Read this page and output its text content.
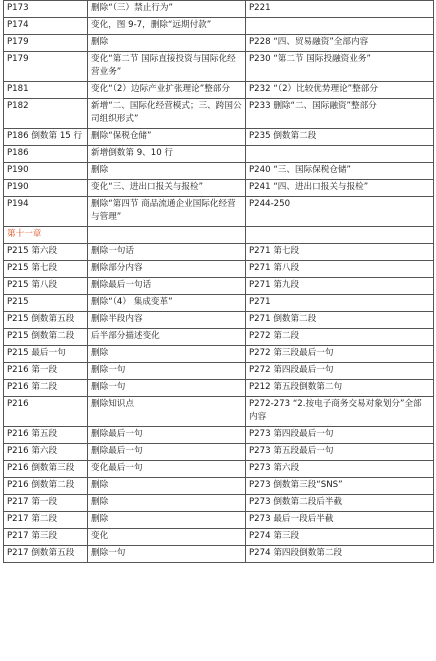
P173	删除“（三）禁止行为”	P221
P174	变化，图 9-7，删除“远期付款”	
P179	删除	P228 “四、贸易融资”全部内容
P179	变化“第二节 国际直接投资与国际化经营业务”	P230 “第二节 国际投融资业务”
P181	变化“（2）边际产业扩张理论”整部分	P232 “（2）比较优势理论”整部分
P182	新增“二、国际化经营模式；三、跨国公司组织形式”	P233 删除“二、国际融资”整部分
P186 倒数第 15 行	删除“保税仓储”	P235 倒数第二段
P186	新增倒数第 9、10 行	
P190	删除	P240 “三、国际保税仓储”
P190	变化“三、进出口报关与报检”	P241 “四、进出口报关与报检”
P194	删除“第四节 商品流通企业国际化经营与管理”	P244-250
第十一章		
P215 第六段	删除一句话	P271 第七段
P215 第七段	删除部分内容	P271 第八段
P215 第八段	删除最后一句话	P271 第九段
P215	删除“（4） 集成变革”	P271
P215 倒数第五段	删除半段内容	P271 倒数第二段
P215 倒数第二段	后半部分描述变化	P272 第二段
P215 最后一句	删除	P272 第三段最后一句
P216 第一段	删除一句	P272 第四段最后一句
P216 第二段	删除一句	P212 第五段倒数第二句
P216	删除知识点	P272-273 “2.按电子商务交易对象划分”全部内容
P216 第五段	删除最后一句	P273 第四段最后一句
P216 第六段	删除最后一句	P273 第五段最后一句
P216 倒数第三段	变化最后一句	P273 第六段
P216 倒数第二段	删除	P273 倒数第三段“SNS”
P217 第一段	删除	P273 倒数第二段后半截
P217 第二段	删除	P273 最后一段后半截
P217 第三段	变化	P274 第三段
P217 倒数第五段	删除一句	P274 第四段倒数第二段
